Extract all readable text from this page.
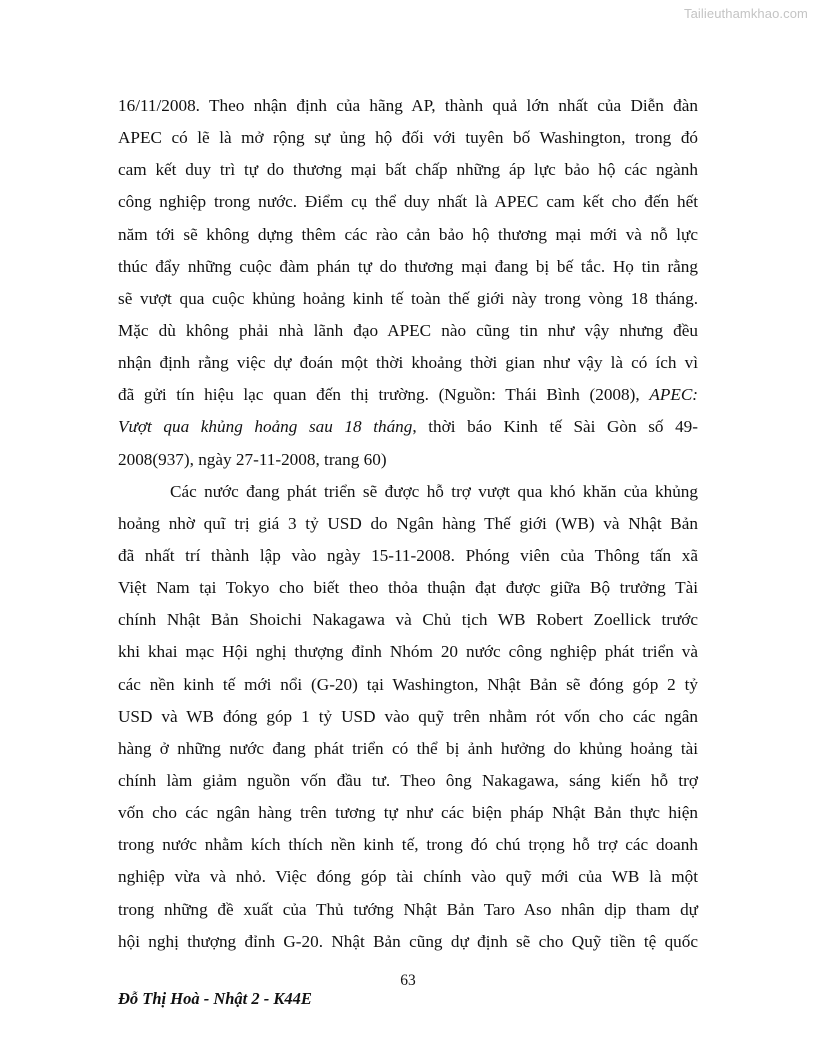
Tailieuthamkhao.com
16/11/2008. Theo nhận định của hãng AP, thành quả lớn nhất của Diễn đàn
APEC có lẽ là mở rộng sự ủng hộ đối với tuyên bố Washington, trong đó
cam kết duy trì tự do thương mại bất chấp những áp lực bảo hộ các ngành
công nghiệp trong nước. Điểm cụ thể duy nhất là APEC cam kết cho đến hết
năm tới sẽ không dựng thêm các rào cản bảo hộ thương mại mới và nỗ lực
thúc đẩy những cuộc đàm phán tự do thương mại đang bị bế tắc. Họ tin rằng
sẽ vượt qua cuộc khủng hoảng kinh tế toàn thế giới này trong vòng 18 tháng.
Mặc dù không phải nhà lãnh đạo APEC nào cũng tin như vậy nhưng đều
nhận định rằng việc dự đoán một thời khoảng thời gian như vậy là có ích vì
đã gửi tín hiệu lạc quan đến thị trường. (Nguồn: Thái Bình (2008), APEC:
Vượt qua khủng hoảng sau 18 tháng, thời báo Kinh tế Sài Gòn số 49-
2008(937), ngày 27-11-2008, trang 60)
Các nước đang phát triển sẽ được hỗ trợ vượt qua khó khăn của khủng
hoảng nhờ quĩ trị giá 3 tỷ USD do Ngân hàng Thế giới (WB) và Nhật Bản
đã nhất trí thành lập vào ngày 15-11-2008. Phóng viên của Thông tấn xã
Việt Nam tại Tokyo cho biết theo thỏa thuận đạt được giữa Bộ trưởng Tài
chính Nhật Bản Shoichi Nakagawa và Chủ tịch WB Robert Zoellick trước
khi khai mạc Hội nghị thượng đỉnh Nhóm 20 nước công nghiệp phát triển và
các nền kinh tế mới nổi (G-20) tại Washington, Nhật Bản sẽ đóng góp 2 tỷ
USD và WB đóng góp 1 tỷ USD vào quỹ trên nhằm rót vốn cho các ngân
hàng ở những nước đang phát triển có thể bị ảnh hưởng do khủng hoảng tài
chính làm giảm nguồn vốn đầu tư. Theo ông Nakagawa, sáng kiến hỗ trợ
vốn cho các ngân hàng trên tương tự như các biện pháp Nhật Bản thực hiện
trong nước nhằm kích thích nền kinh tế, trong đó chú trọng hỗ trợ các doanh
nghiệp vừa và nhỏ. Việc đóng góp tài chính vào quỹ mới của WB là một
trong những đề xuất của Thủ tướng Nhật Bản Taro Aso nhân dịp tham dự
hội nghị thượng đỉnh G-20. Nhật Bản cũng dự định sẽ cho Quỹ tiền tệ quốc
63
Đỗ Thị Hoà - Nhật 2 - K44E
